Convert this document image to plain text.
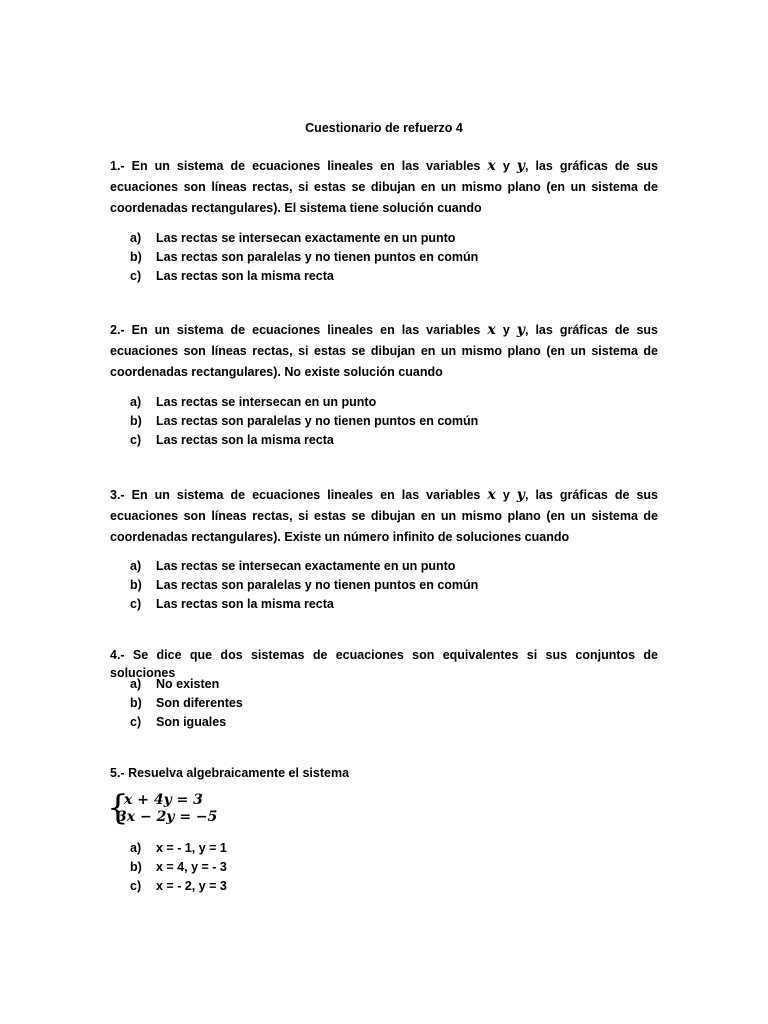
Cuestionario de refuerzo 4
1.- En un sistema de ecuaciones lineales en las variables x y y, las gráficas de sus ecuaciones son líneas rectas, si estas se dibujan en un mismo plano (en un sistema de coordenadas rectangulares). El sistema tiene solución cuando
a) Las rectas se intersecan exactamente en un punto
b) Las rectas son paralelas y no tienen puntos en común
c) Las rectas son la misma recta
2.- En un sistema de ecuaciones lineales en las variables x y y, las gráficas de sus ecuaciones son líneas rectas, si estas se dibujan en un mismo plano (en un sistema de coordenadas rectangulares). No existe solución cuando
a) Las rectas se intersecan en un punto
b) Las rectas son paralelas y no tienen puntos en común
c) Las rectas son la misma recta
3.- En un sistema de ecuaciones lineales en las variables x y y, las gráficas de sus ecuaciones son líneas rectas, si estas se dibujan en un mismo plano (en un sistema de coordenadas rectangulares). Existe un número infinito de soluciones cuando
a) Las rectas se intersecan exactamente en un punto
b) Las rectas son paralelas y no tienen puntos en común
c) Las rectas son la misma recta
4.- Se dice que dos sistemas de ecuaciones son equivalentes si sus conjuntos de soluciones
a) No existen
b) Son diferentes
c) Son iguales
5.- Resuelva algebraicamente el sistema
{
x + 4y = 3
3x − 2y = −5
a) x = - 1, y = 1
b) x = 4, y = - 3
c) x = - 2, y = 3
